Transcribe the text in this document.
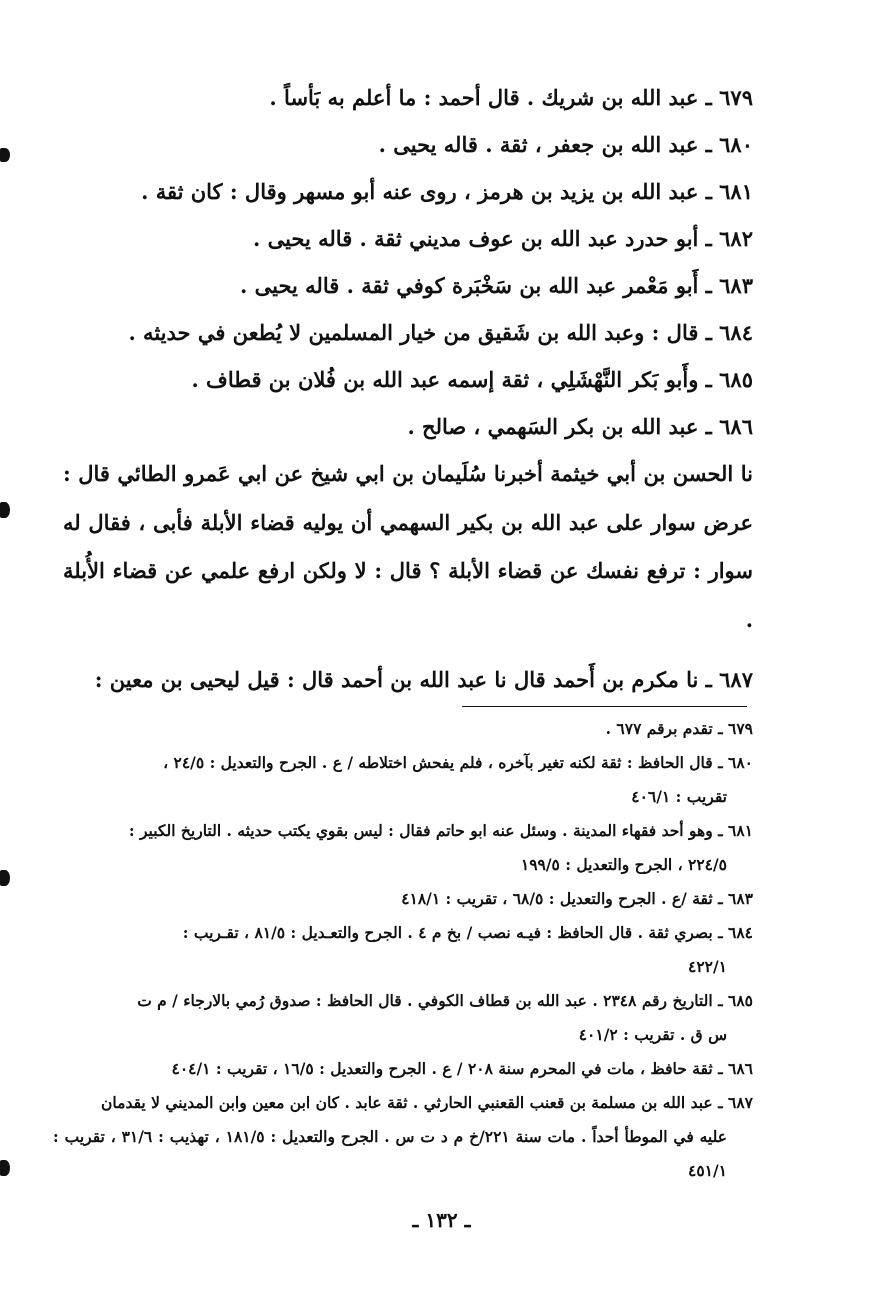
٦٧٩ ـ عبد الله بن شريك . قال أحمد : ما أعلم به بَأساً .
٦٨٠ ـ عبد الله بن جعفر ، ثقة . قاله يحيى .
٦٨١ ـ عبد الله بن يزيد بن هرمز ، روى عنه أبو مسهر وقال : كان ثقة .
٦٨٢ ـ أبو حدرد عبد الله بن عوف مديني ثقة . قاله يحيى .
٦٨٣ ـ أَبو مَعْمر عبد الله بن سَخْبَرة كوفي ثقة . قاله يحيى .
٦٨٤ ـ قال : وعبد الله بن شَقيق من خيار المسلمين لا يُطعن في حديثه .
٦٨٥ ـ وأَبو بَكر النَّهْشَلِي ، ثقة إسمه عبد الله بن فُلان بن قطاف .
٦٨٦ ـ عبد الله بن بكر السَهمي ، صالح .
نا الحسن بن أبي خيثمة أخبرنا سُلَيمان بن ابي شيخ عن ابي عَمرو الطائي قال : عرض سوار على عبد الله بن بكير السهمي أن يوليه قضاء الأبلة فأبى ، فقال له سوار : ترفع نفسك عن قضاء الأبلة ؟ قال : لا ولكن ارفع علمي عن قضاء الأُبلة .
٦٨٧ ـ نا مكرم بن أَحمد قال نا عبد الله بن أحمد قال : قيل ليحيى بن معين :
٦٧٩ ـ تقدم برقم ٦٧٧ .
٦٨٠ ـ قال الحافظ : ثقة لكنه تغير بآخره ، فلم يفحش اختلاطه / ع . الجرح والتعديل : ٢٤/٥ ،
تقريب : ٤٠٦/١
٦٨١ ـ وهو أحد فقهاء المدينة . وسئل عنه ابو حاتم فقال : ليس بقوي يكتب حديثه . التاريخ الكبير :
٢٢٤/٥ ، الجرح والتعديل : ١٩٩/٥
٦٨٣ ـ ثقة /ع . الجرح والتعديل : ٦٨/٥ ، تقريب : ٤١٨/١
٦٨٤ ـ بصري ثقة . قال الحافظ : فيـه نصب / بخ م ٤ . الجرح والتعـديل : ٨١/٥ ، تقـريب :
٤٢٢/١
٦٨٥ ـ التاريخ رقم ٢٣٤٨ . عبد الله بن قطاف الكوفي . قال الحافظ : صدوق رُمي بالارجاء / م ت
س ق . تقريب : ٤٠١/٢
٦٨٦ ـ ثقة حافظ ، مات في المحرم سنة ٢٠٨ / ع . الجرح والتعديل : ١٦/٥ ، تقريب : ٤٠٤/١
٦٨٧ ـ عبد الله بن مسلمة بن قعنب القعنبي الحارثي . ثقة عابد . كان ابن معين وابن المديني لا يقدمان
عليه في الموطأ أحداً . مات سنة ٢٢١/خ م د ت س . الجرح والتعديل : ١٨١/٥ ، تهذيب : ٣١/٦ ، تقريب : ٤٥١/١
ـ ١٣٢ ـ
